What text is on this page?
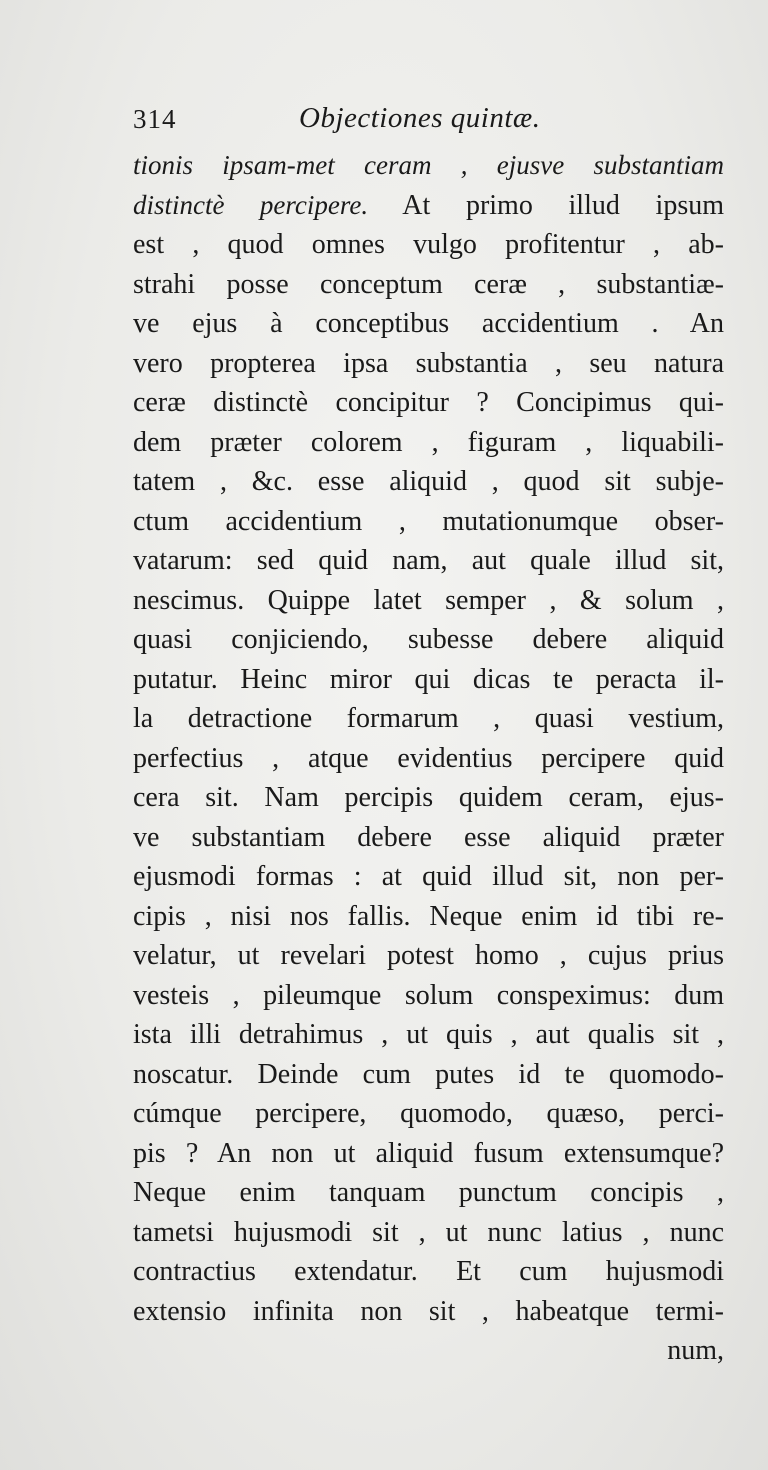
314	Objectiones quintæ.
tionis ipsam-met ceram , ejusve substantiam
distinctè percipere. At primo illud ipsum
est , quod omnes vulgo profitentur , ab-
strahi posse conceptum ceræ , substantiæ-
ve ejus à conceptibus accidentium . An
vero propterea ipsa substantia , seu natura
ceræ distinctè concipitur ? Concipimus qui-
dem præter colorem , figuram , liquabili-
tatem , &c. esse aliquid , quod sit subje-
ctum accidentium , mutationumque obser-
vatarum: sed quid nam, aut quale illud sit,
nescimus. Quippe latet semper , & solum ,
quasi conjiciendo, subesse debere aliquid
putatur. Heinc miror qui dicas te peracta il-
la detractione formarum , quasi vestium,
perfectius , atque evidentius percipere quid
cera sit. Nam percipis quidem ceram, ejus-
ve substantiam debere esse aliquid præter
ejusmodi formas : at quid illud sit, non per-
cipis , nisi nos fallis. Neque enim id tibi re-
velatur, ut revelari potest homo , cujus prius
vesteis , pileumque solum conspeximus: dum
ista illi detrahimus , ut quis , aut qualis sit ,
noscatur. Deinde cum putes id te quomodo-
cúmque percipere, quomodo, quæso, perci-
pis ? An non ut aliquid fusum extensumque?
Neque enim tanquam punctum concipis ,
tametsi hujusmodi sit , ut nunc latius , nunc
contractius extendatur. Et cum hujusmodi
extensio infinita non sit , habeatque termi-
num,
